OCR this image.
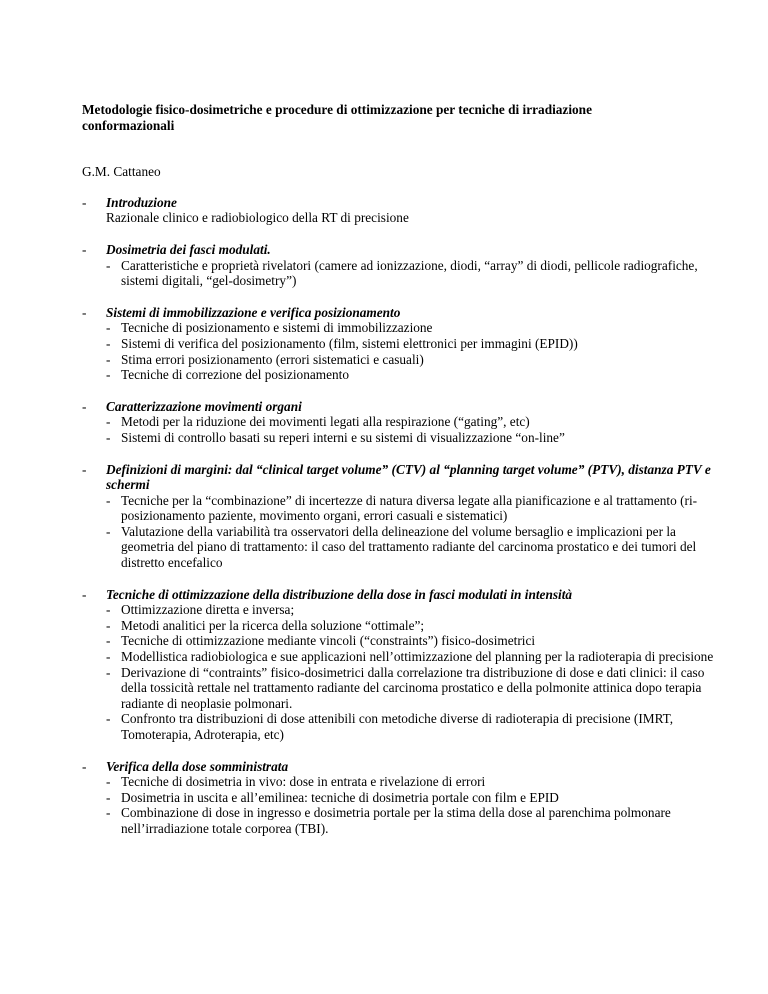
Metodologie fisico-dosimetriche e procedure di ottimizzazione per tecniche di irradiazione conformazionali

G.M. Cattaneo
-	Introduzione
Razionale clinico e radiobiologico della RT di precisione
-	Dosimetria dei fasci modulati.
- Caratteristiche e proprietà rivelatori (camere ad ionizzazione, diodi, “array” di diodi, pellicole radiografiche, sistemi digitali, “gel-dosimetry”)
-	Sistemi di immobilizzazione e verifica posizionamento
- Tecniche di posizionamento e sistemi di immobilizzazione
- Sistemi di verifica del posizionamento (film, sistemi elettronici per immagini (EPID))
- Stima errori posizionamento (errori sistematici e casuali)
- Tecniche di correzione del posizionamento
-	Caratterizzazione movimenti organi
- Metodi per la riduzione dei movimenti legati alla respirazione (“gating”, etc)
- Sistemi di controllo basati su reperi interni e su sistemi di visualizzazione “on-line”
-	Definizioni di margini: dal “clinical target volume” (CTV) al “planning target volume” (PTV), distanza PTV e schermi
- Tecniche per la “combinazione” di incertezze di natura diversa legate alla pianificazione e al trattamento (ri-posizionamento paziente, movimento organi, errori casuali e sistematici)
- Valutazione della variabilità tra osservatori della delineazione del volume bersaglio e implicazioni per la geometria del piano di trattamento: il caso del trattamento radiante del carcinoma prostatico e dei tumori del distretto encefalico
-	Tecniche di ottimizzazione della distribuzione della dose in fasci modulati in intensità
- Ottimizzazione diretta e inversa;
- Metodi analitici per la ricerca della soluzione “ottimale”;
- Tecniche di ottimizzazione mediante vincoli (“constraints”) fisico-dosimetrici
- Modellistica radiobiologica e sue applicazioni nell’ottimizzazione del planning per la radioterapia di precisione
- Derivazione di “contraints” fisico-dosimetrici dalla correlazione tra distribuzione di dose e dati clinici: il caso della tossicità rettale nel trattamento radiante del carcinoma prostatico e della polmonite attinica dopo terapia radiante di neoplasie polmonari.
- Confronto tra distribuzioni di dose attenibili con metodiche diverse di radioterapia di precisione (IMRT, Tomoterapia, Adroterapia, etc)
-	Verifica della dose somministrata
- Tecniche di dosimetria in vivo: dose in entrata e rivelazione di errori
- Dosimetria in uscita e all’emilinea: tecniche di dosimetria portale con film e EPID
- Combinazione di dose in ingresso e dosimetria portale per la stima della dose al parenchima polmonare nell’irradiazione totale corporea (TBI).
